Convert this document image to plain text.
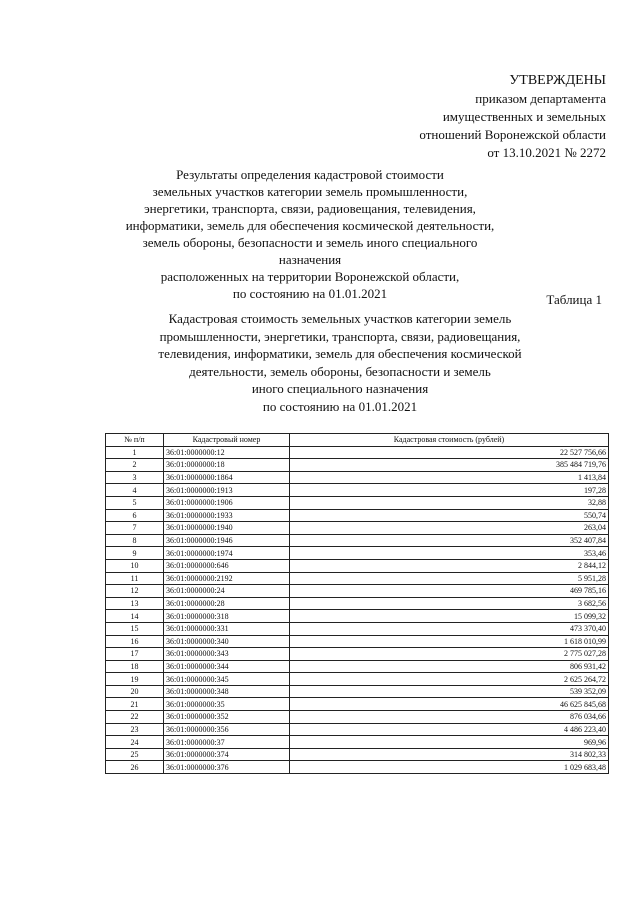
УТВЕРЖДЕНЫ
приказом департамента
имущественных и земельных
отношений Воронежской области
от 13.10.2021 № 2272
Результаты определения кадастровой стоимости
земельных участков категории земель промышленности,
энергетики, транспорта, связи, радиовещания, телевидения,
информатики, земель для обеспечения космической деятельности,
земель обороны, безопасности и земель иного специального назначения
расположенных на территории Воронежской области,
по состоянию на 01.01.2021	Таблица 1
Кадастровая стоимость земельных участков категории земель
промышленности, энергетики, транспорта, связи, радиовещания,
телевидения, информатики, земель для обеспечения космической
деятельности, земель обороны, безопасности и земель
иного специального назначения
по состоянию на 01.01.2021
№ п/п	Кадастровый номер	Кадастровая стоимость (рублей)
1	36:01:0000000:12	22 527 756,66
2	36:01:0000000:18	385 484 719,76
3	36:01:0000000:1864	1 413,84
4	36:01:0000000:1913	197,28
5	36:01:0000000:1906	32,88
6	36:01:0000000:1933	550,74
7	36:01:0000000:1940	263,04
8	36:01:0000000:1946	352 407,84
9	36:01:0000000:1974	353,46
10	36:01:0000000:646	2 844,12
11	36:01:0000000:2192	5 951,28
12	36:01:0000000:24	469 785,16
13	36:01:0000000:28	3 682,56
14	36:01:0000000:318	15 099,32
15	36:01:0000000:331	473 370,40
16	36:01:0000000:340	1 618 010,99
17	36:01:0000000:343	2 775 027,28
18	36:01:0000000:344	806 931,42
19	36:01:0000000:345	2 625 264,72
20	36:01:0000000:348	539 352,09
21	36:01:0000000:35	46 625 845,68
22	36:01:0000000:352	876 034,66
23	36:01:0000000:356	4 486 223,40
24	36:01:0000000:37	969,96
25	36:01:0000000:374	314 802,33
26	36:01:0000000:376	1 029 683,48
